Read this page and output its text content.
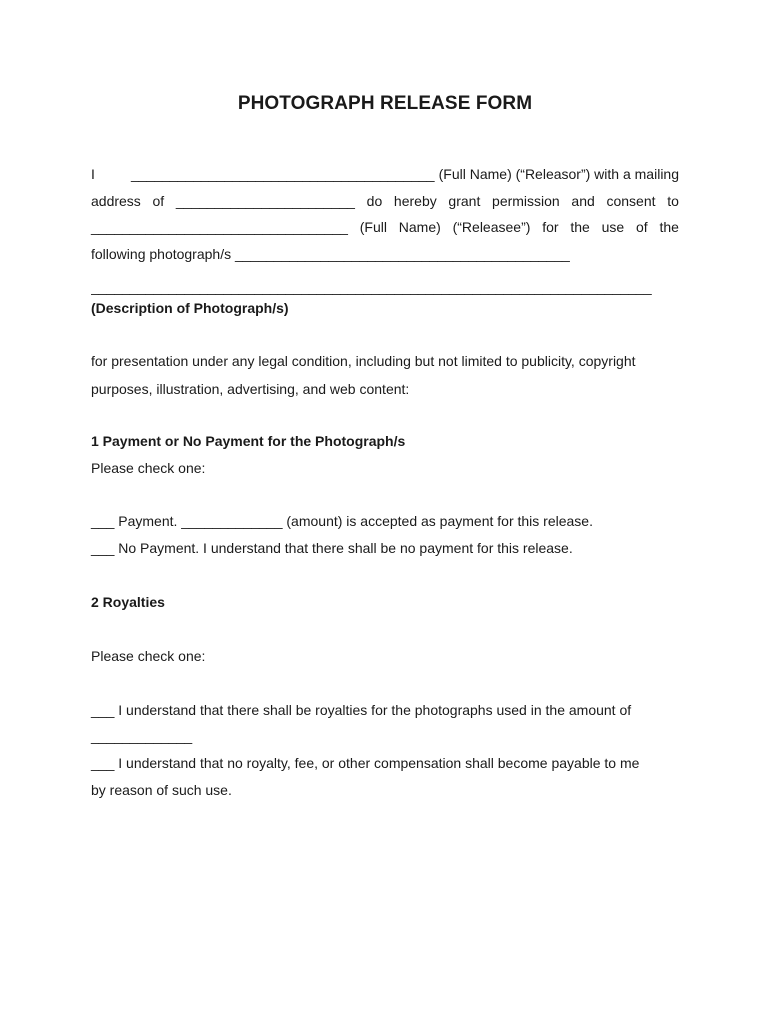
PHOTOGRAPH RELEASE FORM
I	_______________________________________ (Full Name) (“Releasor”) with a mailing
address of _______________________ do hereby grant permission and consent to
_________________________________ (Full Name) (“Releasee”) for the use of the
following photograph/s ___________________________________________
________________________________________________________________________
(Description of Photograph/s)
for presentation under any legal condition, including but not limited to publicity, copyright
purposes, illustration, advertising, and web content:
1 Payment or No Payment for the Photograph/s
Please check one:
___ Payment. _____________ (amount) is accepted as payment for this release.
___ No Payment. I understand that there shall be no payment for this release.
2 Royalties
Please check one:
___ I understand that there shall be royalties for the photographs used in the amount of
_____________
___ I understand that no royalty, fee, or other compensation shall become payable to me
by reason of such use.
